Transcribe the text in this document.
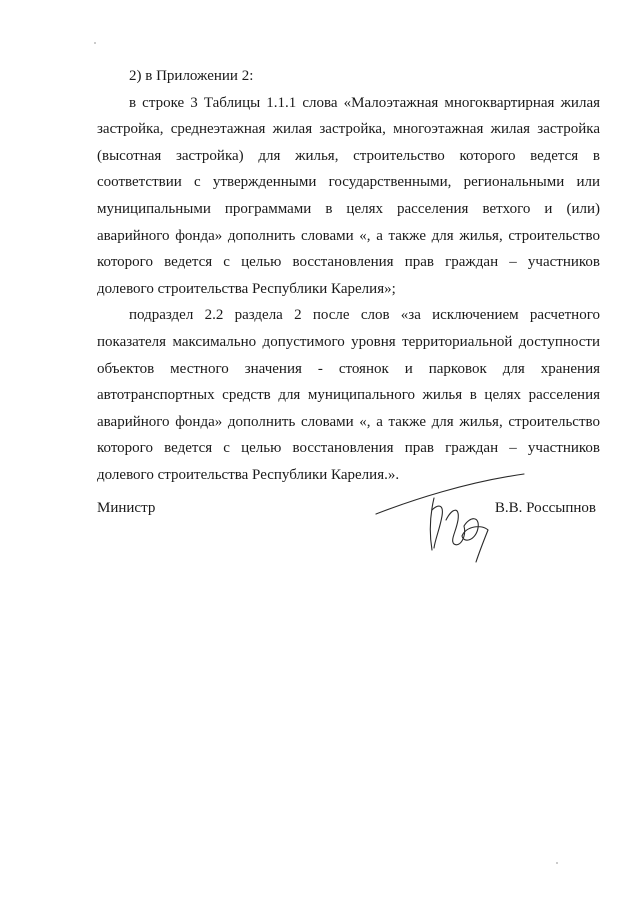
2) в Приложении 2:

в строке 3 Таблицы 1.1.1 слова «Малоэтажная многоквартирная жилая застройка, среднеэтажная жилая застройка, многоэтажная жилая застройка (высотная застройка) для жилья, строительство которого ведется в соответствии с утвержденными государственными, региональными или муниципальными программами в целях расселения ветхого и (или) аварийного фонда» дополнить словами «, а также для жилья, строительство которого ведется с целью восстановления прав граждан – участников долевого строительства Республики Карелия»;

подраздел 2.2 раздела 2 после слов «за исключением расчетного показателя максимально допустимого уровня территориальной доступности объектов местного значения - стоянок и парковок для хранения автотранспортных средств для муниципального жилья в целях расселения аварийного фонда» дополнить словами «, а также для жилья, строительство которого ведется с целью восстановления прав граждан – участников долевого строительства Республики Карелия.».

Министр	В.В. Россыпнов
